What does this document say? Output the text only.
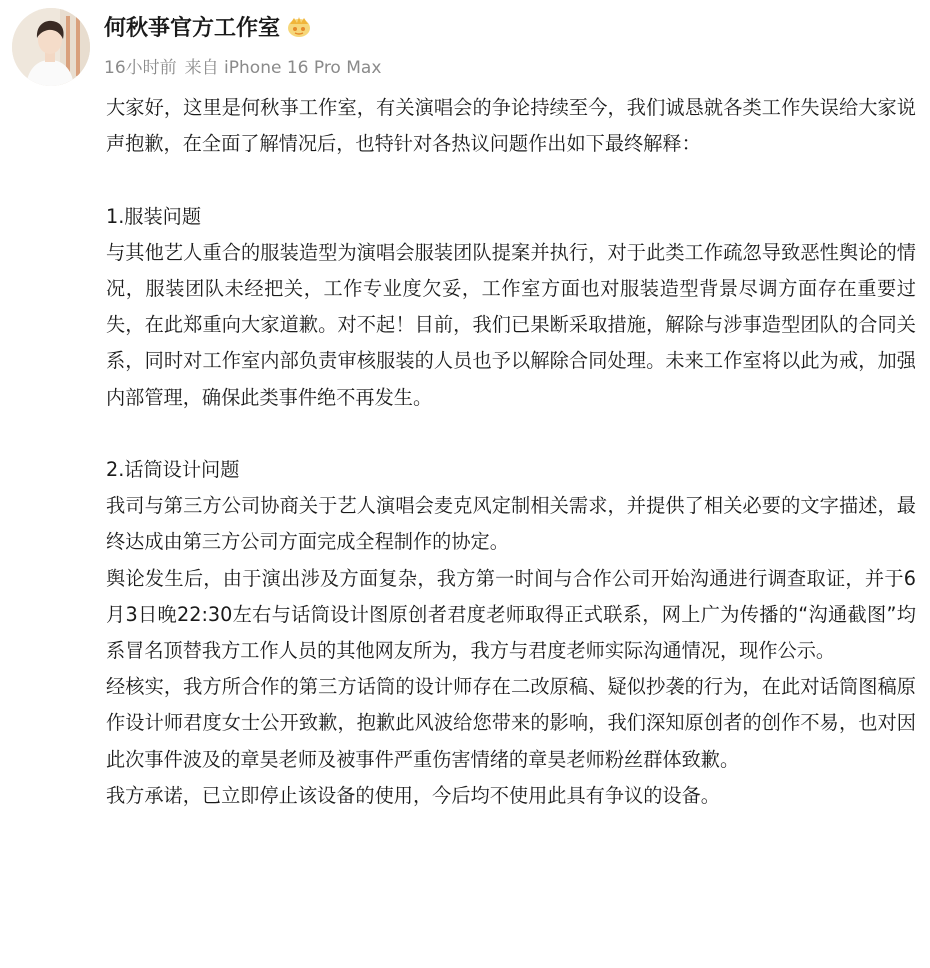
何秋亊官方工作室
16小时前 来自 iPhone 16 Pro Max

大家好，这里是何秋亊工作室，有关演唱会的争论持续至今，我们诚恳就各类工作失误给大家说声抱歉，在全面了解情况后，也特针对各热议问题作出如下最终解释：

1.服装问题

与其他艺人重合的服装造型为演唱会服装团队提案并执行，对于此类工作疏忽导致恶性舆论的情况，服装团队未经把关，工作专业度欠妥，工作室方面也对服装造型背景尽调方面存在重要过失，在此郑重向大家道歉。对不起！目前，我们已果断采取措施，解除与涉事造型团队的合同关系，同时对工作室内部负责审核服装的人员也予以解除合同处理。未来工作室将以此为戒，加强内部管理，确保此类事件绝不再发生。

2.话筒设计问题

我司与第三方公司协商关于艺人演唱会麦克风定制相关需求，并提供了相关必要的文字描述，最终达成由第三方公司方面完成全程制作的协定。

舆论发生后，由于演出涉及方面复杂，我方第一时间与合作公司开始沟通进行调查取证，并于6月3日晚22:30左右与话筒设计图原创者君度老师取得正式联系，网上广为传播的“沟通截图”均系冒名顶替我方工作人员的其他网友所为，我方与君度老师实际沟通情况，现作公示。

经核实，我方所合作的第三方话筒的设计师存在二改原稿、疑似抄袭的行为，在此对话筒图稿原作设计师君度女士公开致歉，抱歉此风波给您带来的影响，我们深知原创者的创作不易，也对因此次事件波及的章昊老师及被事件严重伤害情绪的章昊老师粉丝群体致歉。

我方承诺，已立即停止该设备的使用，今后均不使用此具有争议的设备。
